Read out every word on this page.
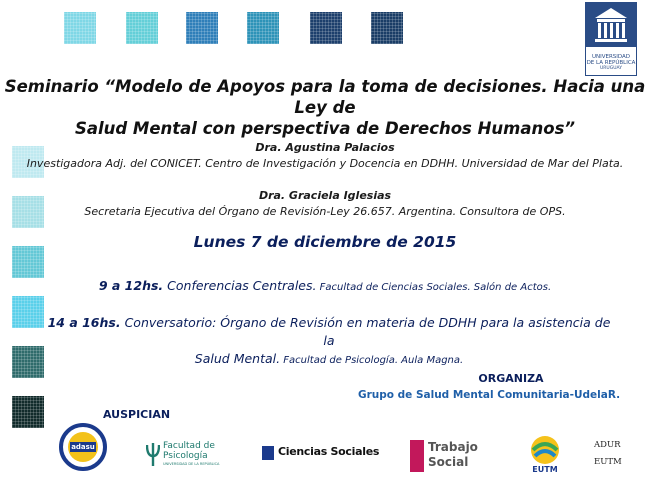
UNIVERSIDAD
DE LA REPÚBLICA
URUGUAY
Seminario “Modelo de Apoyos para la toma de decisiones. Hacia una Ley de
Salud Mental con perspectiva de Derechos Humanos”
Dra. Agustina Palacios
Investigadora Adj. del CONICET. Centro de Investigación y Docencia en DDHH. Universidad de Mar del Plata.
Dra. Graciela Iglesias
Secretaria Ejecutiva del Órgano de Revisión-Ley 26.657. Argentina. Consultora de OPS.
Lunes 7 de diciembre de 2015
9 a 12hs. Conferencias Centrales. Facultad de Ciencias Sociales. Salón de Actos.
14 a 16hs. Conversatorio: Órgano de Revisión en materia de DDHH para la asistencia de la
Salud Mental. Facultad de Psicología. Aula Magna.
ORGANIZA
Grupo de Salud Mental Comunitaria-UdelaR.
AUSPICIAN
adasu	Facultad de
Psicología
UNIVERSIDAD DE LA REPÚBLICA
Ciencias Sociales	Trabajo
Social
EUTM
ADUR
EUTM
